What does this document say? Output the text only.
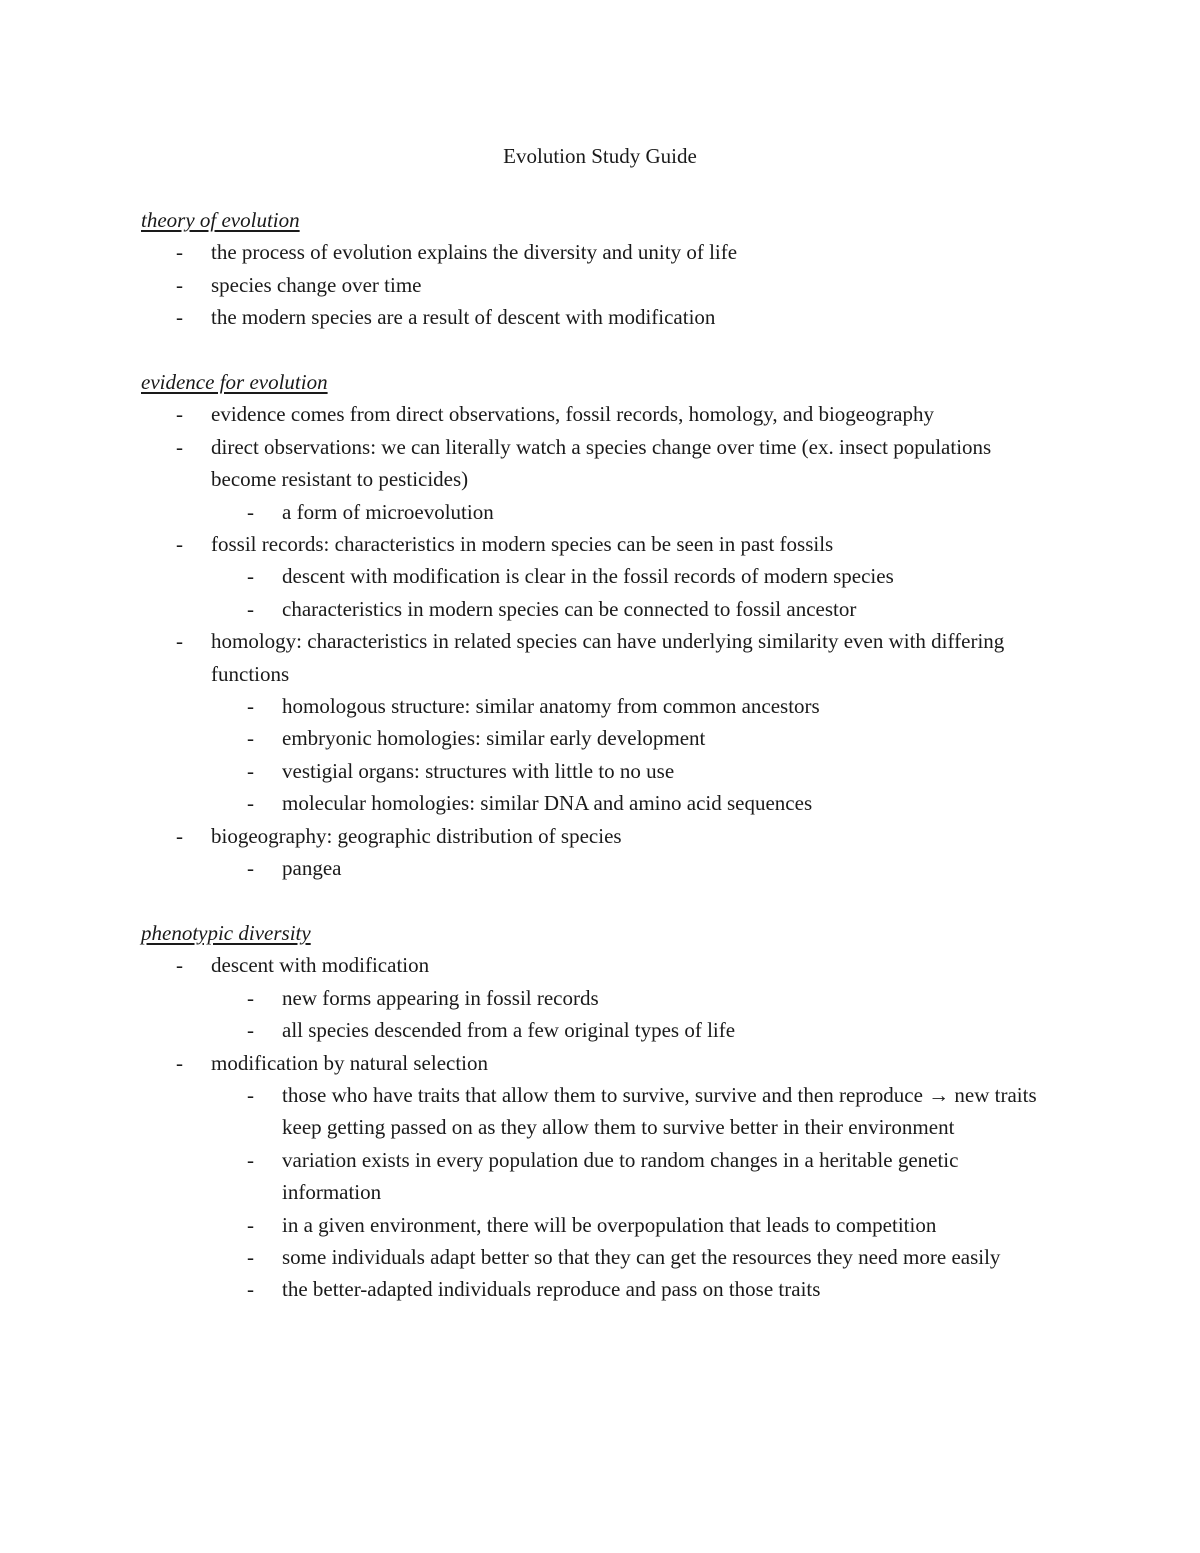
Evolution Study Guide

theory of evolution

- the process of evolution explains the diversity and unity of life

- species change over time

- the modern species are a result of descent with modification

evidence for evolution

- evidence comes from direct observations, fossil records, homology, and biogeography

- direct observations: we can literally watch a species change over time (ex. insect populations become resistant to pesticides)

- a form of microevolution

- fossil records: characteristics in modern species can be seen in past fossils

- descent with modification is clear in the fossil records of modern species

- characteristics in modern species can be connected to fossil ancestor

- homology: characteristics in related species can have underlying similarity even with differing functions

- homologous structure: similar anatomy from common ancestors

- embryonic homologies: similar early development

- vestigial organs: structures with little to no use

- molecular homologies: similar DNA and amino acid sequences

- biogeography: geographic distribution of species

- pangea

phenotypic diversity

- descent with modification

- new forms appearing in fossil records

- all species descended from a few original types of life

- modification by natural selection

- those who have traits that allow them to survive, survive and then reproduce → new traits keep getting passed on as they allow them to survive better in their environment

- variation exists in every population due to random changes in a heritable genetic information

- in a given environment, there will be overpopulation that leads to competition

- some individuals adapt better so that they can get the resources they need more easily

- the better-adapted individuals reproduce and pass on those traits
